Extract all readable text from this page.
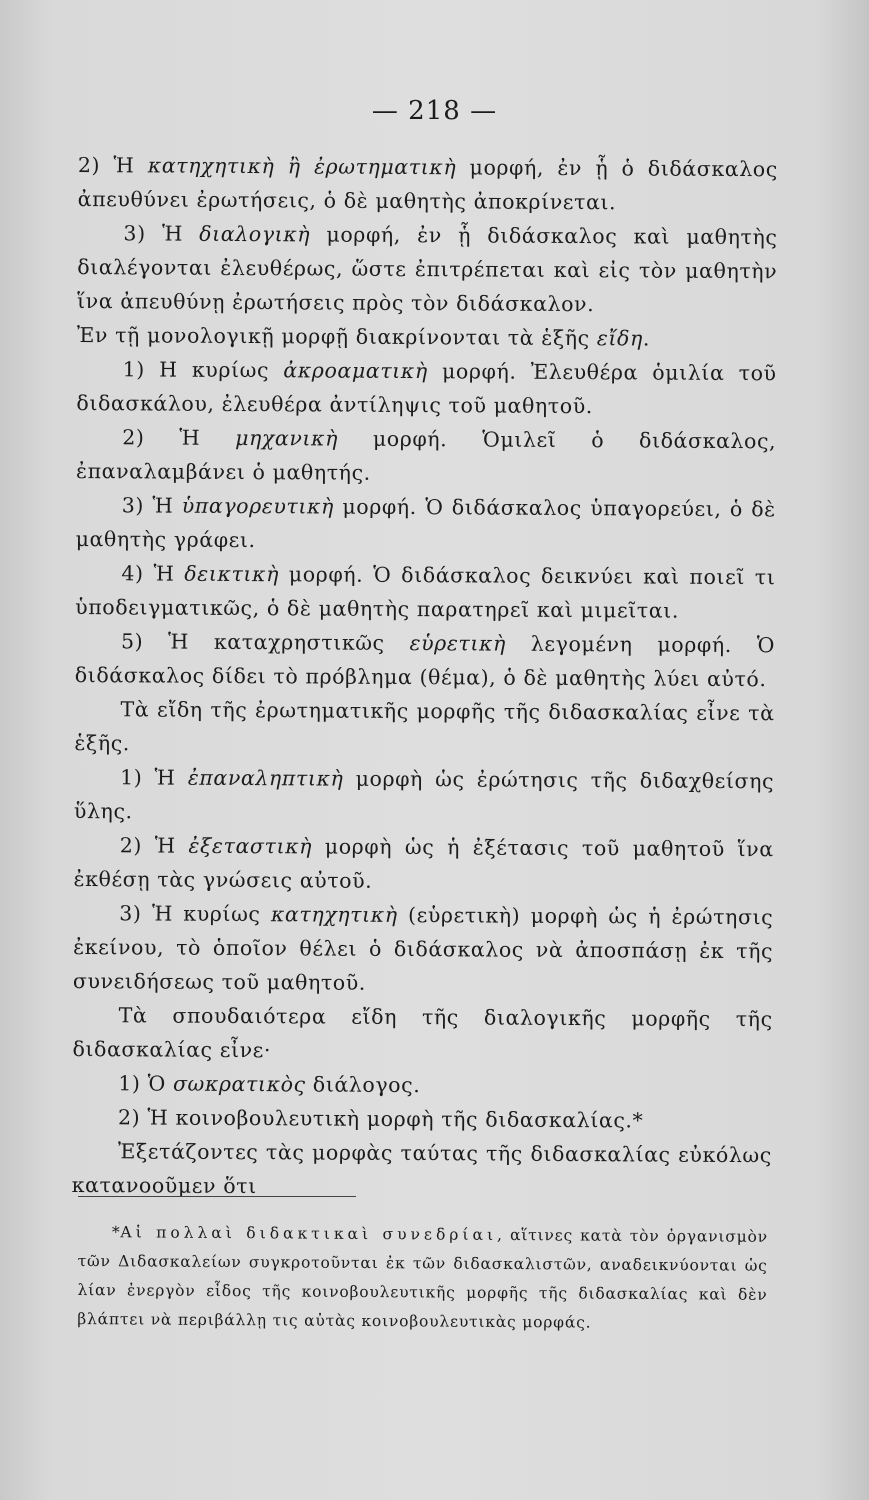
— 218 —

2) Ἡ κατηχητικὴ ἢ ἐρωτηματικὴ μορφή, ἐν ᾗ ὁ διδάσκαλος ἀπευθύνει ἐρωτήσεις, ὁ δὲ μαθητὴς ἀποκρίνεται.

3) Ἡ διαλογικὴ μορφή, ἐν ᾗ διδάσκαλος καὶ μαθητὴς διαλέγονται ἐλευθέρως, ὥστε ἐπιτρέπεται καὶ εἰς τὸν μαθητὴν ἵνα ἀπευθύνῃ ἐρωτήσεις πρὸς τὸν διδάσκαλον.

Ἐν τῇ μονολογικῇ μορφῇ διακρίνονται τὰ ἑξῆς εἴδη.

1) Η κυρίως ἀκροαματικὴ μορφή. Ἐλευθέρα ὁμιλία τοῦ διδασκάλου, ἐλευθέρα ἀντίληψις τοῦ μαθητοῦ.

2) Ἡ μηχανικὴ μορφή. Ὁμιλεῖ ὁ διδάσκαλος, ἐπαναλαμβάνει ὁ μαθητής.

3) Ἡ ὑπαγορευτικὴ μορφή. Ὁ διδάσκαλος ὑπαγορεύει, ὁ δὲ μαθητὴς γράφει.

4) Ἡ δεικτικὴ μορφή. Ὁ διδάσκαλος δεικνύει καὶ ποιεῖ τι ὑποδειγματικῶς, ὁ δὲ μαθητὴς παρατηρεῖ καὶ μιμεῖται.

5) Ἡ καταχρηστικῶς εὑρετικὴ λεγομένη μορφή. Ὁ διδάσκαλος δίδει τὸ πρόβλημα (θέμα), ὁ δὲ μαθητὴς λύει αὐτό.

Τὰ εἴδη τῆς ἐρωτηματικῆς μορφῆς τῆς διδασκαλίας εἶνε τὰ ἑξῆς.

1) Ἡ ἐπαναληπτικὴ μορφὴ ὡς ἐρώτησις τῆς διδαχθείσης ὕλης.

2) Ἡ ἐξεταστικὴ μορφὴ ὡς ἡ ἐξέτασις τοῦ μαθητοῦ ἵνα ἐκθέσῃ τὰς γνώσεις αὐτοῦ.

3) Ἡ κυρίως κατηχητικὴ (εὑρετικὴ) μορφὴ ὡς ἡ ἐρώτησις ἐκείνου, τὸ ὁποῖον θέλει ὁ διδάσκαλος νὰ ἀποσπάσῃ ἐκ τῆς συνειδήσεως τοῦ μαθητοῦ.

Τὰ σπουδαιότερα εἴδη τῆς διαλογικῆς μορφῆς τῆς διδασκαλίας εἶνε·

1) Ὁ σωκρατικὸς διάλογος.

2) Ἡ κοινοβουλευτικὴ μορφὴ τῆς διδασκαλίας.*

Ἐξετάζοντες τὰς μορφὰς ταύτας τῆς διδασκαλίας εὐκόλως κατανοοῦμεν ὅτι

*Αἱ πολλαὶ διδακτικαὶ συνεδρίαι, αἵτινες κατὰ τὸν ὀργανισμὸν τῶν Διδασκαλείων συγκροτοῦνται ἐκ τῶν διδασκαλιστῶν, αναδεικνύονται ὡς λίαν ἐνεργὸν εἶδος τῆς κοινοβουλευτικῆς μορφῆς τῆς διδασκαλίας καὶ δὲν βλάπτει νὰ περιβάλλῃ τις αὐτὰς κοινοβουλευτικὰς μορφάς.
